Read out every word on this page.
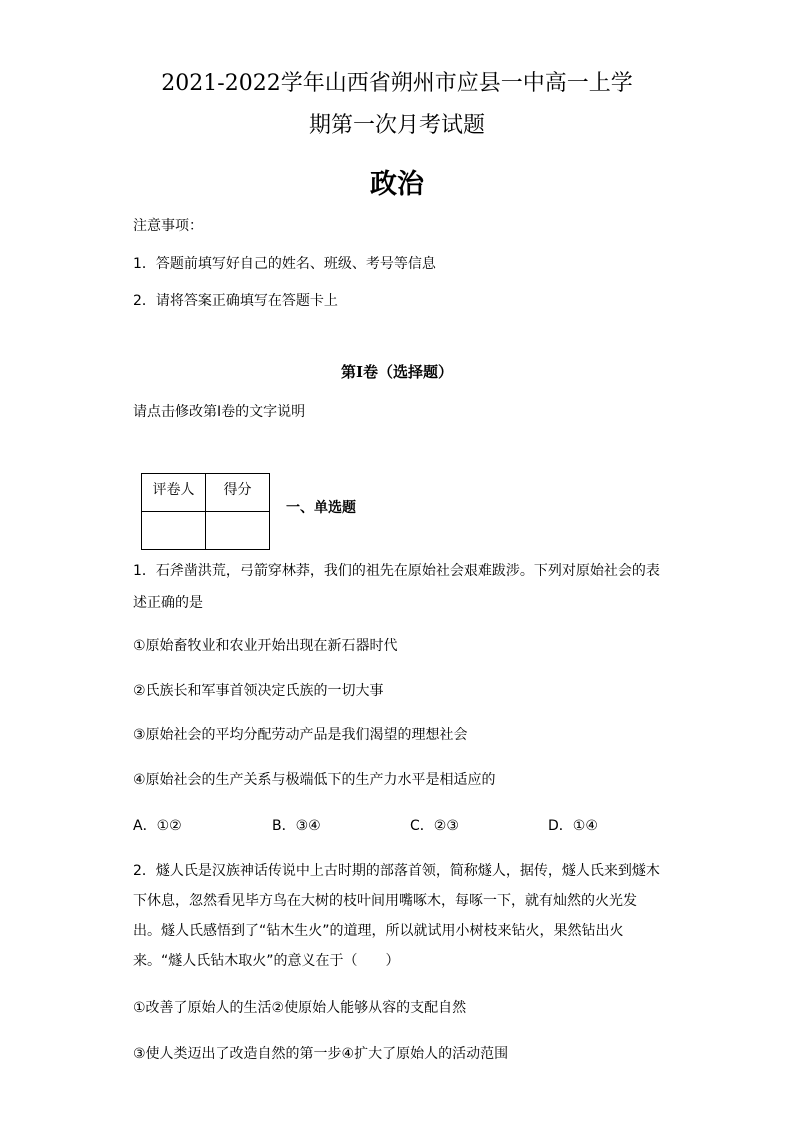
2021-2022学年山西省朔州市应县一中高一上学
期第一次月考试题
政治
注意事项：
1．答题前填写好自己的姓名、班级、考号等信息
2．请将答案正确填写在答题卡上
第I卷（选择题）
请点击修改第I卷的文字说明
评卷人	得分

一、单选题
1．石斧凿洪荒，弓箭穿林莽，我们的祖先在原始社会艰难跋涉。下列对原始社会的表
述正确的是
①原始畜牧业和农业开始出现在新石器时代
②氏族长和军事首领决定氏族的一切大事
③原始社会的平均分配劳动产品是我们渴望的理想社会
④原始社会的生产关系与极端低下的生产力水平是相适应的
A．①②	B．③④	C．②③	D．①④
2．燧人氏是汉族神话传说中上古时期的部落首领，简称燧人，据传，燧人氏来到燧木
下休息，忽然看见毕方鸟在大树的枝叶间用嘴啄木，每啄一下，就有灿然的火光发
出。燧人氏感悟到了“钻木生火”的道理，所以就试用小树枝来钻火，果然钻出火
来。“燧人氏钻木取火”的意义在于（　　）
①改善了原始人的生活②使原始人能够从容的支配自然
③使人类迈出了改造自然的第一步④扩大了原始人的活动范围
